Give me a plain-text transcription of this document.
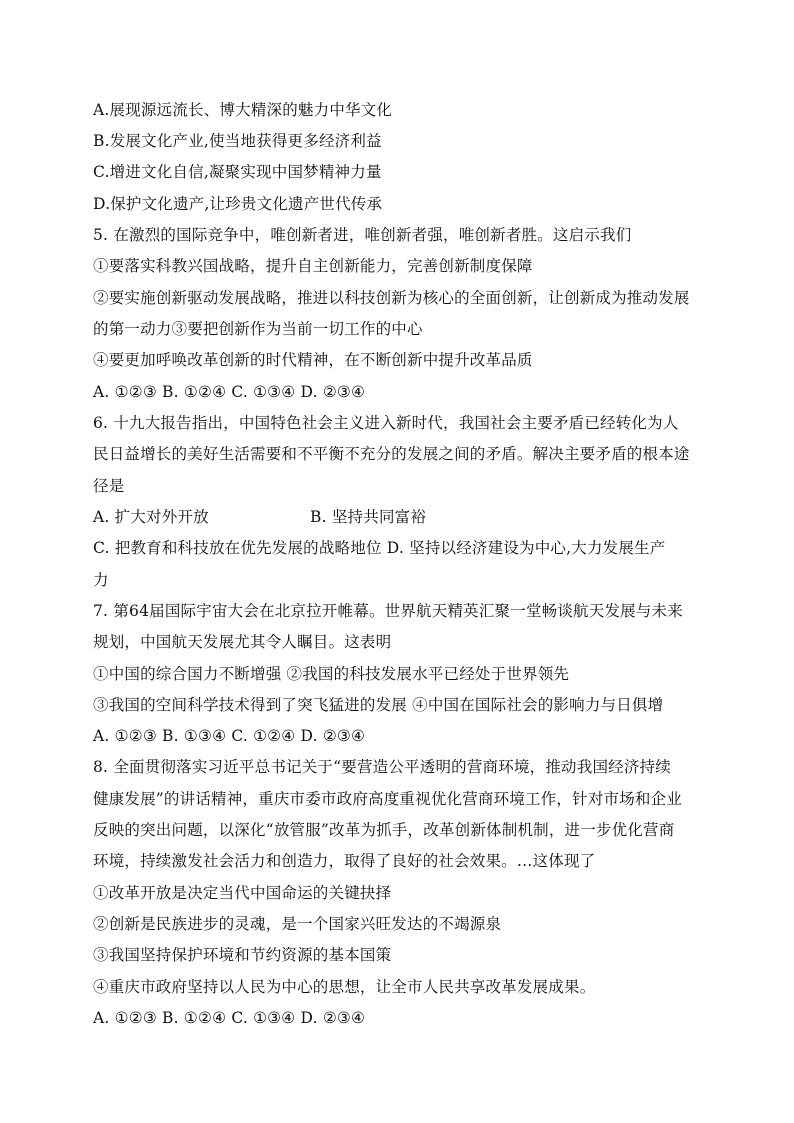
A.展现源远流长、博大精深的魅力中华文化
B.发展文化产业,使当地获得更多经济利益
C.增进文化自信,凝聚实现中国梦精神力量
D.保护文化遗产,让珍贵文化遗产世代传承
5. 在激烈的国际竞争中，唯创新者进，唯创新者强，唯创新者胜。这启示我们
①要落实科教兴国战略，提升自主创新能力，完善创新制度保障
②要实施创新驱动发展战略，推进以科技创新为核心的全面创新，让创新成为推动发展
的第一动力③要把创新作为当前一切工作的中心
④要更加呼唤改革创新的时代精神，在不断创新中提升改革品质
A. ①②③ B. ①②④ C. ①③④ D. ②③④
6. 十九大报告指出，中国特色社会主义进入新时代，我国社会主要矛盾已经转化为人
民日益增长的美好生活需要和不平衡不充分的发展之间的矛盾。解决主要矛盾的根本途
径是
A. 扩大对外开放	B. 坚持共同富裕
C. 把教育和科技放在优先发展的战略地位 D. 坚持以经济建设为中心,大力发展生产
力
7. 第64届国际宇宙大会在北京拉开帷幕。世界航天精英汇聚一堂畅谈航天发展与未来
规划，中国航天发展尤其令人瞩目。这表明
①中国的综合国力不断增强 ②我国的科技发展水平已经处于世界领先
③我国的空间科学技术得到了突飞猛进的发展 ④中国在国际社会的影响力与日俱增
A. ①②③ B. ①③④ C. ①②④ D. ②③④
8. 全面贯彻落实习近平总书记关于“要营造公平透明的营商环境，推动我国经济持续
健康发展”的讲话精神，重庆市委市政府高度重视优化营商环境工作，针对市场和企业
反映的突出问题，以深化“放管服”改革为抓手，改革创新体制机制，进一步优化营商
环境，持续激发社会活力和创造力，取得了良好的社会效果。…这体现了
①改革开放是决定当代中国命运的关键抉择
②创新是民族进步的灵魂，是一个国家兴旺发达的不竭源泉
③我国坚持保护环境和节约资源的基本国策
④重庆市政府坚持以人民为中心的思想，让全市人民共享改革发展成果。
A. ①②③ B. ①②④ C. ①③④ D. ②③④
